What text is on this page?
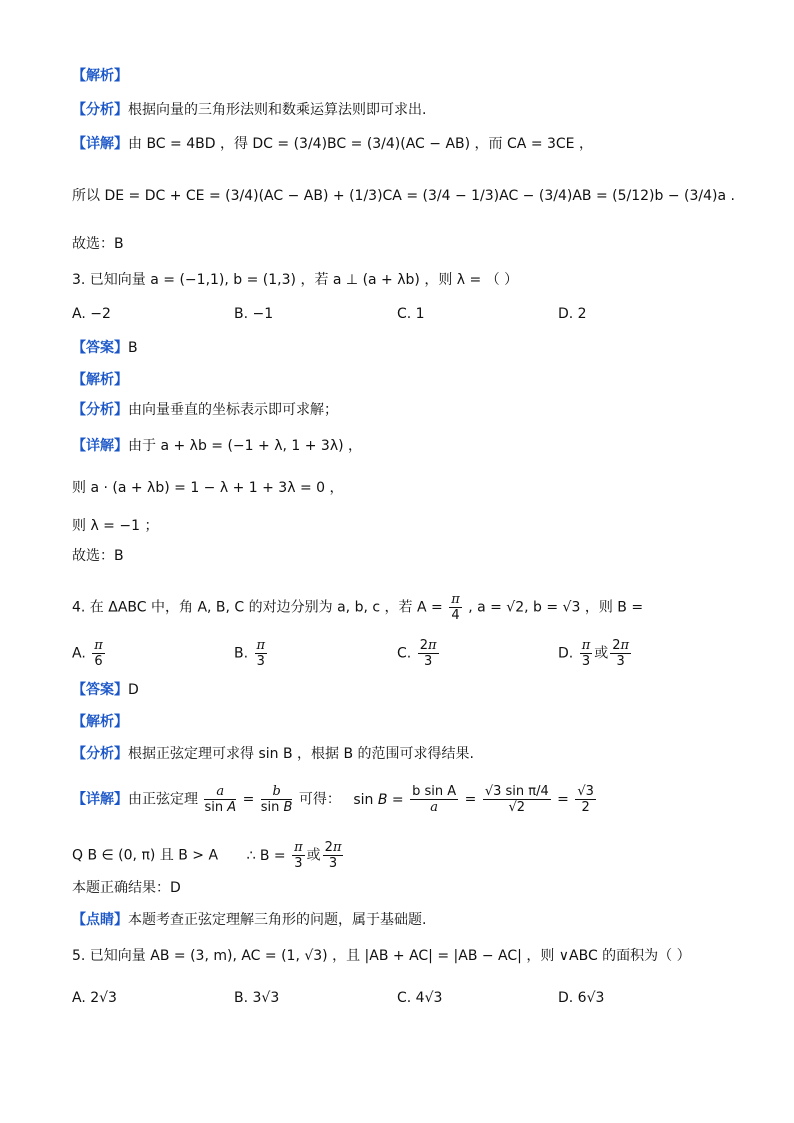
【解析】
【分析】根据向量的三角形法则和数乘运算法则即可求出.
【详解】由 BC = 4BD ，得 DC = (3/4)BC = (3/4)(AC − AB) ，而 CA = 3CE ，
所以 DE = DC + CE = (3/4)(AC − AB) + (1/3)CA = (3/4 − 1/3)AC − (3/4)AB = (5/12)b − (3/4)a .
故选：B
3. 已知向量 a = (−1,1), b = (1,3) ，若 a ⊥ (a + λb) ，则 λ = （ ）
A. −2	B. −1	C. 1	D. 2
【答案】B
【解析】
【分析】由向量垂直的坐标表示即可求解；
【详解】由于 a + λb = (−1 + λ, 1 + 3λ) ，
则 a · (a + λb) = 1 − λ + 1 + 3λ = 0 ，
则 λ = −1 ；
故选：B
4. 在 ΔABC 中，角 A, B, C 的对边分别为 a, b, c ，若 $A = \frac{\pi}{4}$ , a = √2, b = √3 ，则 B =
A. $\frac{\pi}{6}$	B. $\frac{\pi}{3}$	C. $\frac{2\pi}{3}$	D. $\frac{\pi}{3}$ 或 $\frac{2\pi}{3}$
【答案】D
【解析】
【分析】根据正弦定理可求得 sin B ，根据 B 的范围可求得结果.
【详解】由正弦定理 $\frac{a}{\text{sin A}} = \frac{b}{\text{sin B}}$ 可得： $\sin B = \frac{\text{b sin A}}{a} = \frac{\text{√3 sin π/4}}{√2} = \frac{√3}{2}$
Q B ∈ (0, π) 且 B > A ∴ $B = \frac{\pi}{3}$ 或 $\frac{2\pi}{3}$
本题正确结果：D
【点睛】本题考查正弦定理解三角形的问题，属于基础题.
5. 已知向量 AB = (3, m), AC = (1, √3) ，且 |AB + AC| = |AB − AC| ，则 ∨ABC 的面积为（ ）
A. 2√3	B. 3√3	C. 4√3	D. 6√3
